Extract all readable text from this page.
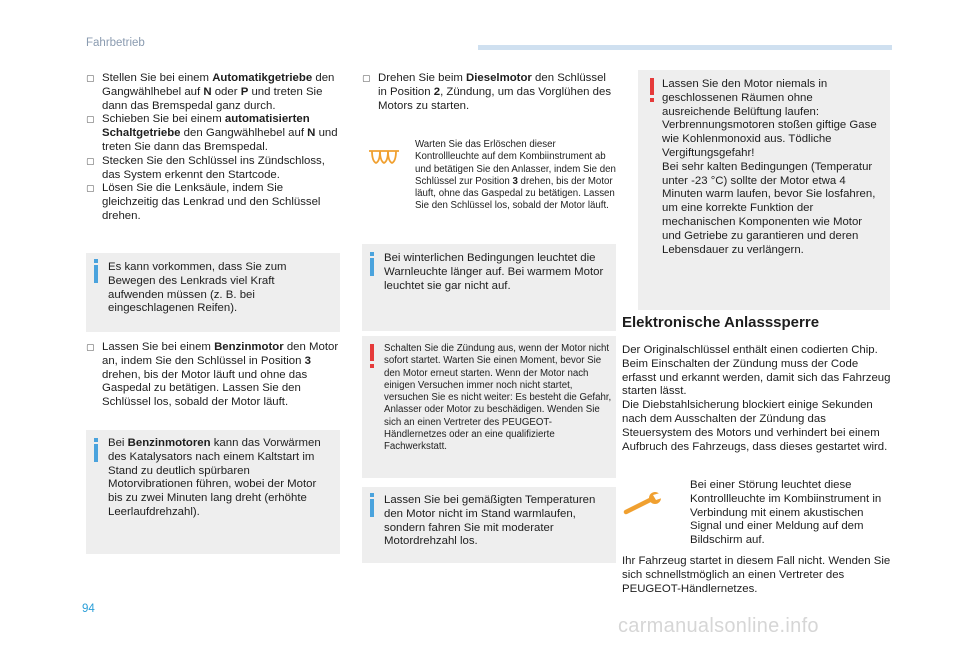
Fahrbetrieb
▢ Stellen Sie bei einem Automatikgetriebe den Gangwählhebel auf N oder P und treten Sie dann das Bremspedal ganz durch.
▢ Schieben Sie bei einem automatisierten Schaltgetriebe den Gangwählhebel auf N und treten Sie dann das Bremspedal.
▢ Stecken Sie den Schlüssel ins Zündschloss, das System erkennt den Startcode.
▢ Lösen Sie die Lenksäule, indem Sie gleichzeitig das Lenkrad und den Schlüssel drehen.
Es kann vorkommen, dass Sie zum Bewegen des Lenkrads viel Kraft aufwenden müssen (z. B. bei eingeschlagenen Reifen).
▢ Lassen Sie bei einem Benzinmotor den Motor an, indem Sie den Schlüssel in Position 3 drehen, bis der Motor läuft und ohne das Gaspedal zu betätigen. Lassen Sie den Schlüssel los, sobald der Motor läuft.
Bei Benzinmotoren kann das Vorwärmen des Katalysators nach einem Kaltstart im Stand zu deutlich spürbaren Motorvibrationen führen, wobei der Motor bis zu zwei Minuten lang dreht (erhöhte Leerlaufdrehzahl).
▢ Drehen Sie beim Dieselmotor den Schlüssel in Position 2, Zündung, um das Vorglühen des Motors zu starten.
Warten Sie das Erlöschen dieser Kontrollleuchte auf dem Kombiinstrument ab und betätigen Sie den Anlasser, indem Sie den Schlüssel zur Position 3 drehen, bis der Motor läuft, ohne das Gaspedal zu betätigen. Lassen Sie den Schlüssel los, sobald der Motor läuft.
Bei winterlichen Bedingungen leuchtet die Warnleuchte länger auf. Bei warmem Motor leuchtet sie gar nicht auf.
Schalten Sie die Zündung aus, wenn der Motor nicht sofort startet. Warten Sie einen Moment, bevor Sie den Motor erneut starten. Wenn der Motor nach einigen Versuchen immer noch nicht startet, versuchen Sie es nicht weiter: Es besteht die Gefahr, Anlasser oder Motor zu beschädigen. Wenden Sie sich an einen Vertreter des PEUGEOT-Händlernetzes oder an eine qualifizierte Fachwerkstatt.
Lassen Sie bei gemäßigten Temperaturen den Motor nicht im Stand warmlaufen, sondern fahren Sie mit moderater Motordrehzahl los.
Lassen Sie den Motor niemals in geschlossenen Räumen ohne ausreichende Belüftung laufen: Verbrennungsmotoren stoßen giftige Gase wie Kohlenmonoxid aus. Tödliche Vergiftungsgefahr!
Bei sehr kalten Bedingungen (Temperatur unter -23 °C) sollte der Motor etwa 4 Minuten warm laufen, bevor Sie losfahren, um eine korrekte Funktion der mechanischen Komponenten wie Motor und Getriebe zu garantieren und deren Lebensdauer zu verlängern.
Elektronische Anlasssperre
Der Originalschlüssel enthält einen codierten Chip. Beim Einschalten der Zündung muss der Code erfasst und erkannt werden, damit sich das Fahrzeug starten lässt.
Die Diebstahlsicherung blockiert einige Sekunden nach dem Ausschalten der Zündung das Steuersystem des Motors und verhindert bei einem Aufbruch des Fahrzeugs, dass dieses gestartet wird.
Bei einer Störung leuchtet diese Kontrollleuchte im Kombiinstrument in Verbindung mit einem akustischen Signal und einer Meldung auf dem Bildschirm auf.
Ihr Fahrzeug startet in diesem Fall nicht. Wenden Sie sich schnellstmöglich an einen Vertreter des PEUGEOT-Händlernetzes.
94
carmanualsonline.info
